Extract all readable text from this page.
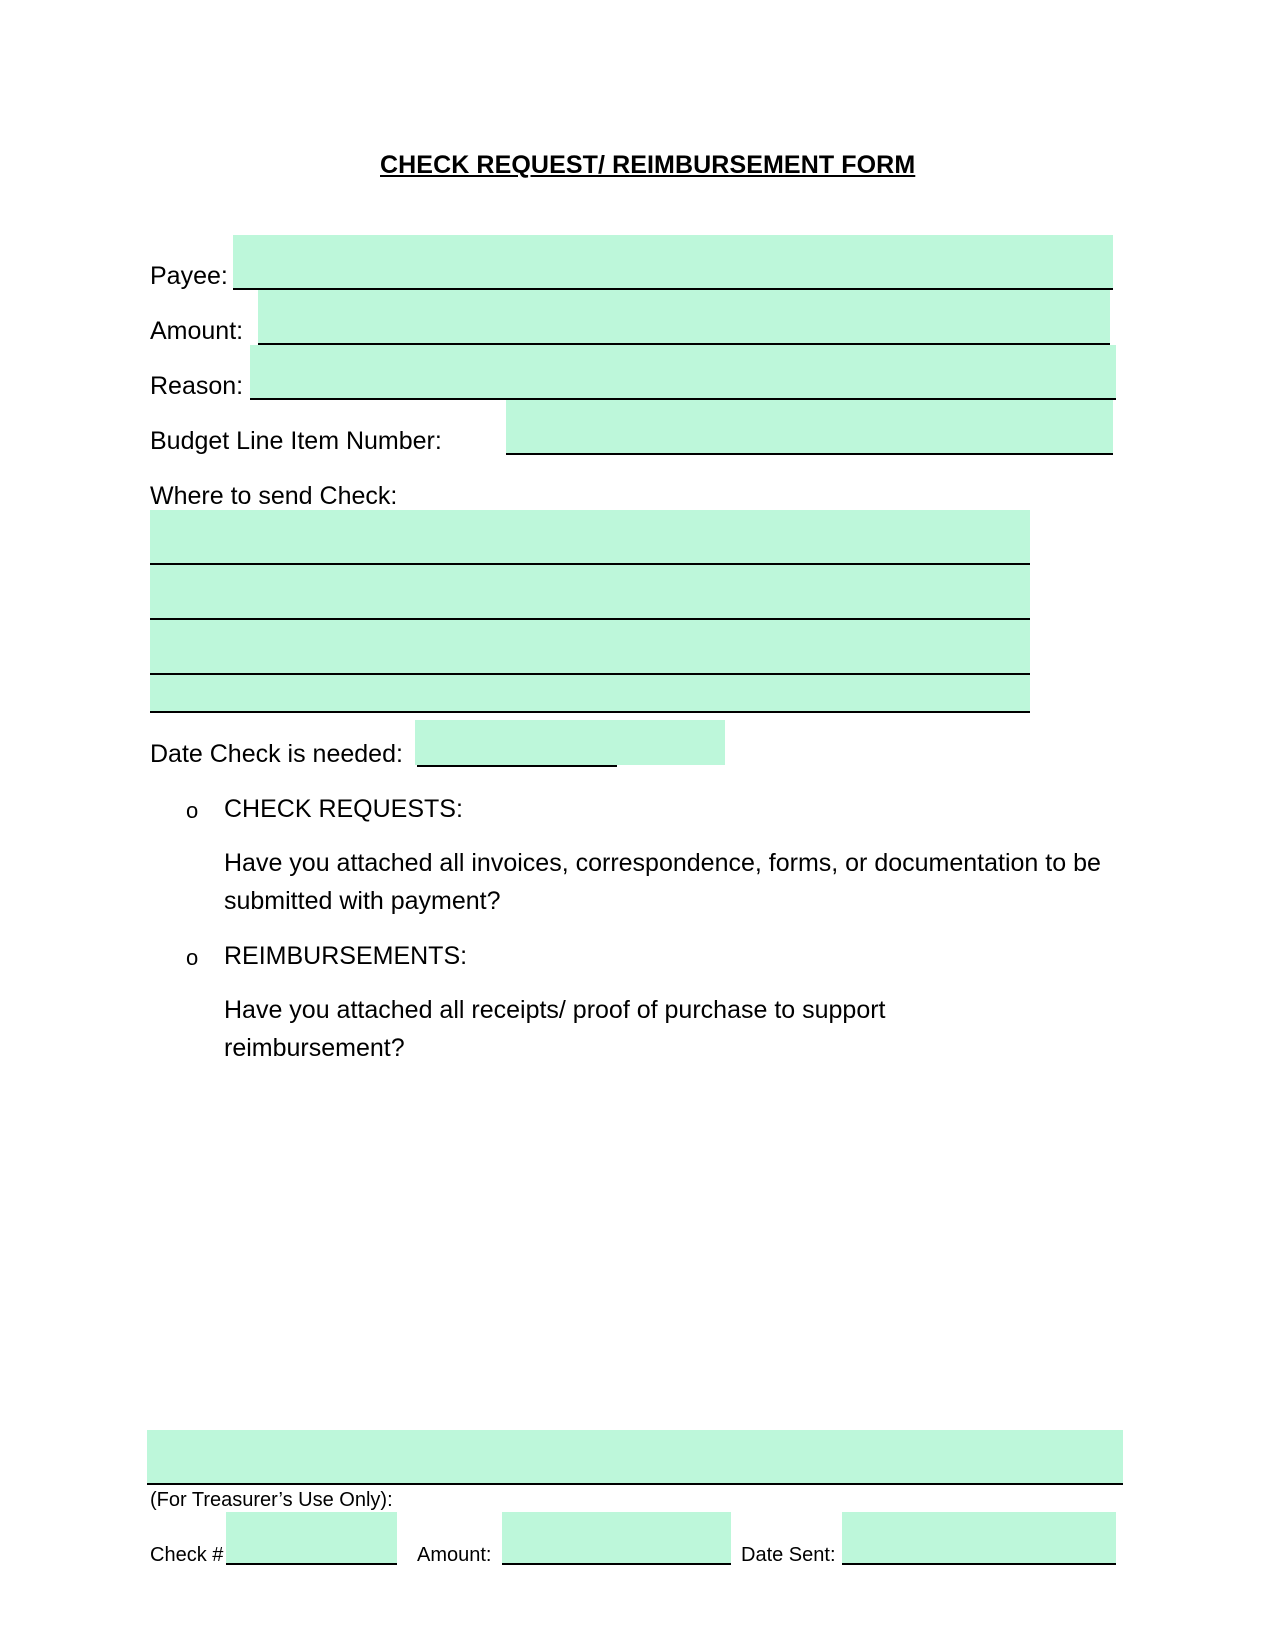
CHECK REQUEST/ REIMBURSEMENT FORM
Payee:
Amount:
Reason:
Budget Line Item Number:
Where to send Check:
Date Check is needed:
o CHECK REQUESTS:
Have you attached all invoices, correspondence, forms, or documentation to be submitted with payment?
o REIMBURSEMENTS:
Have you attached all receipts/ proof of purchase to support reimbursement?
(For Treasurer’s Use Only):
Check #	Amount:	Date Sent:
